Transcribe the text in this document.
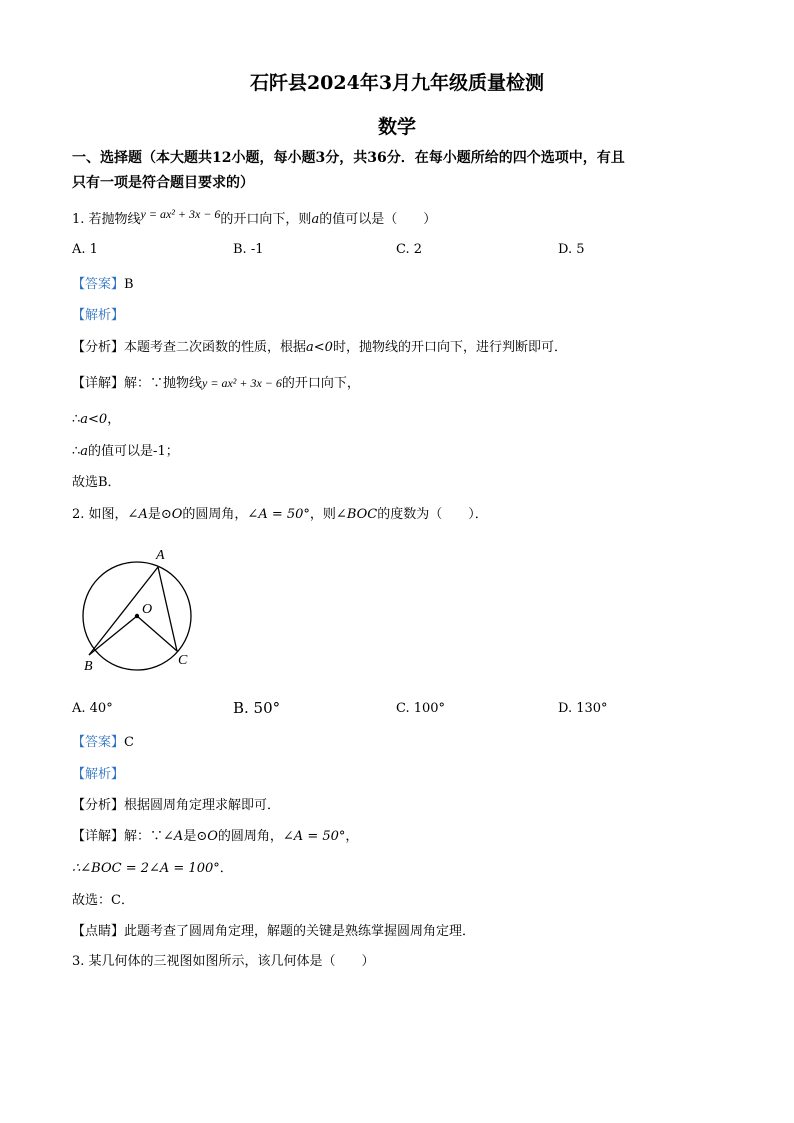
石阡县2024年3月九年级质量检测
数学
一、选择题（本大题共12小题，每小题3分，共36分．在每小题所给的四个选项中，有且
只有一项是符合题目要求的）
1. 若抛物线y = ax² + 3x − 6的开口向下，则a的值可以是（　　）
A. 1	B. -1	C. 2	D. 5
【答案】B
【解析】
【分析】本题考查二次函数的性质，根据a<0时，抛物线的开口向下，进行判断即可．
【详解】解：∵抛物线y = ax² + 3x − 6的开口向下，
∴a<0，
∴a的值可以是-1；
故选B．
2. 如图，∠A是⊙O的圆周角，∠A = 50°，则∠BOC的度数为（　　）．
A
O
B	C
A. 40°	B. 50°	C. 100°	D. 130°
【答案】C
【解析】
【分析】根据圆周角定理求解即可．
【详解】解：∵∠A是⊙O的圆周角，∠A = 50°，
∴∠BOC = 2∠A = 100°．
故选：C．
【点睛】此题考查了圆周角定理，解题的关键是熟练掌握圆周角定理．
3. 某几何体的三视图如图所示，该几何体是（　　）
